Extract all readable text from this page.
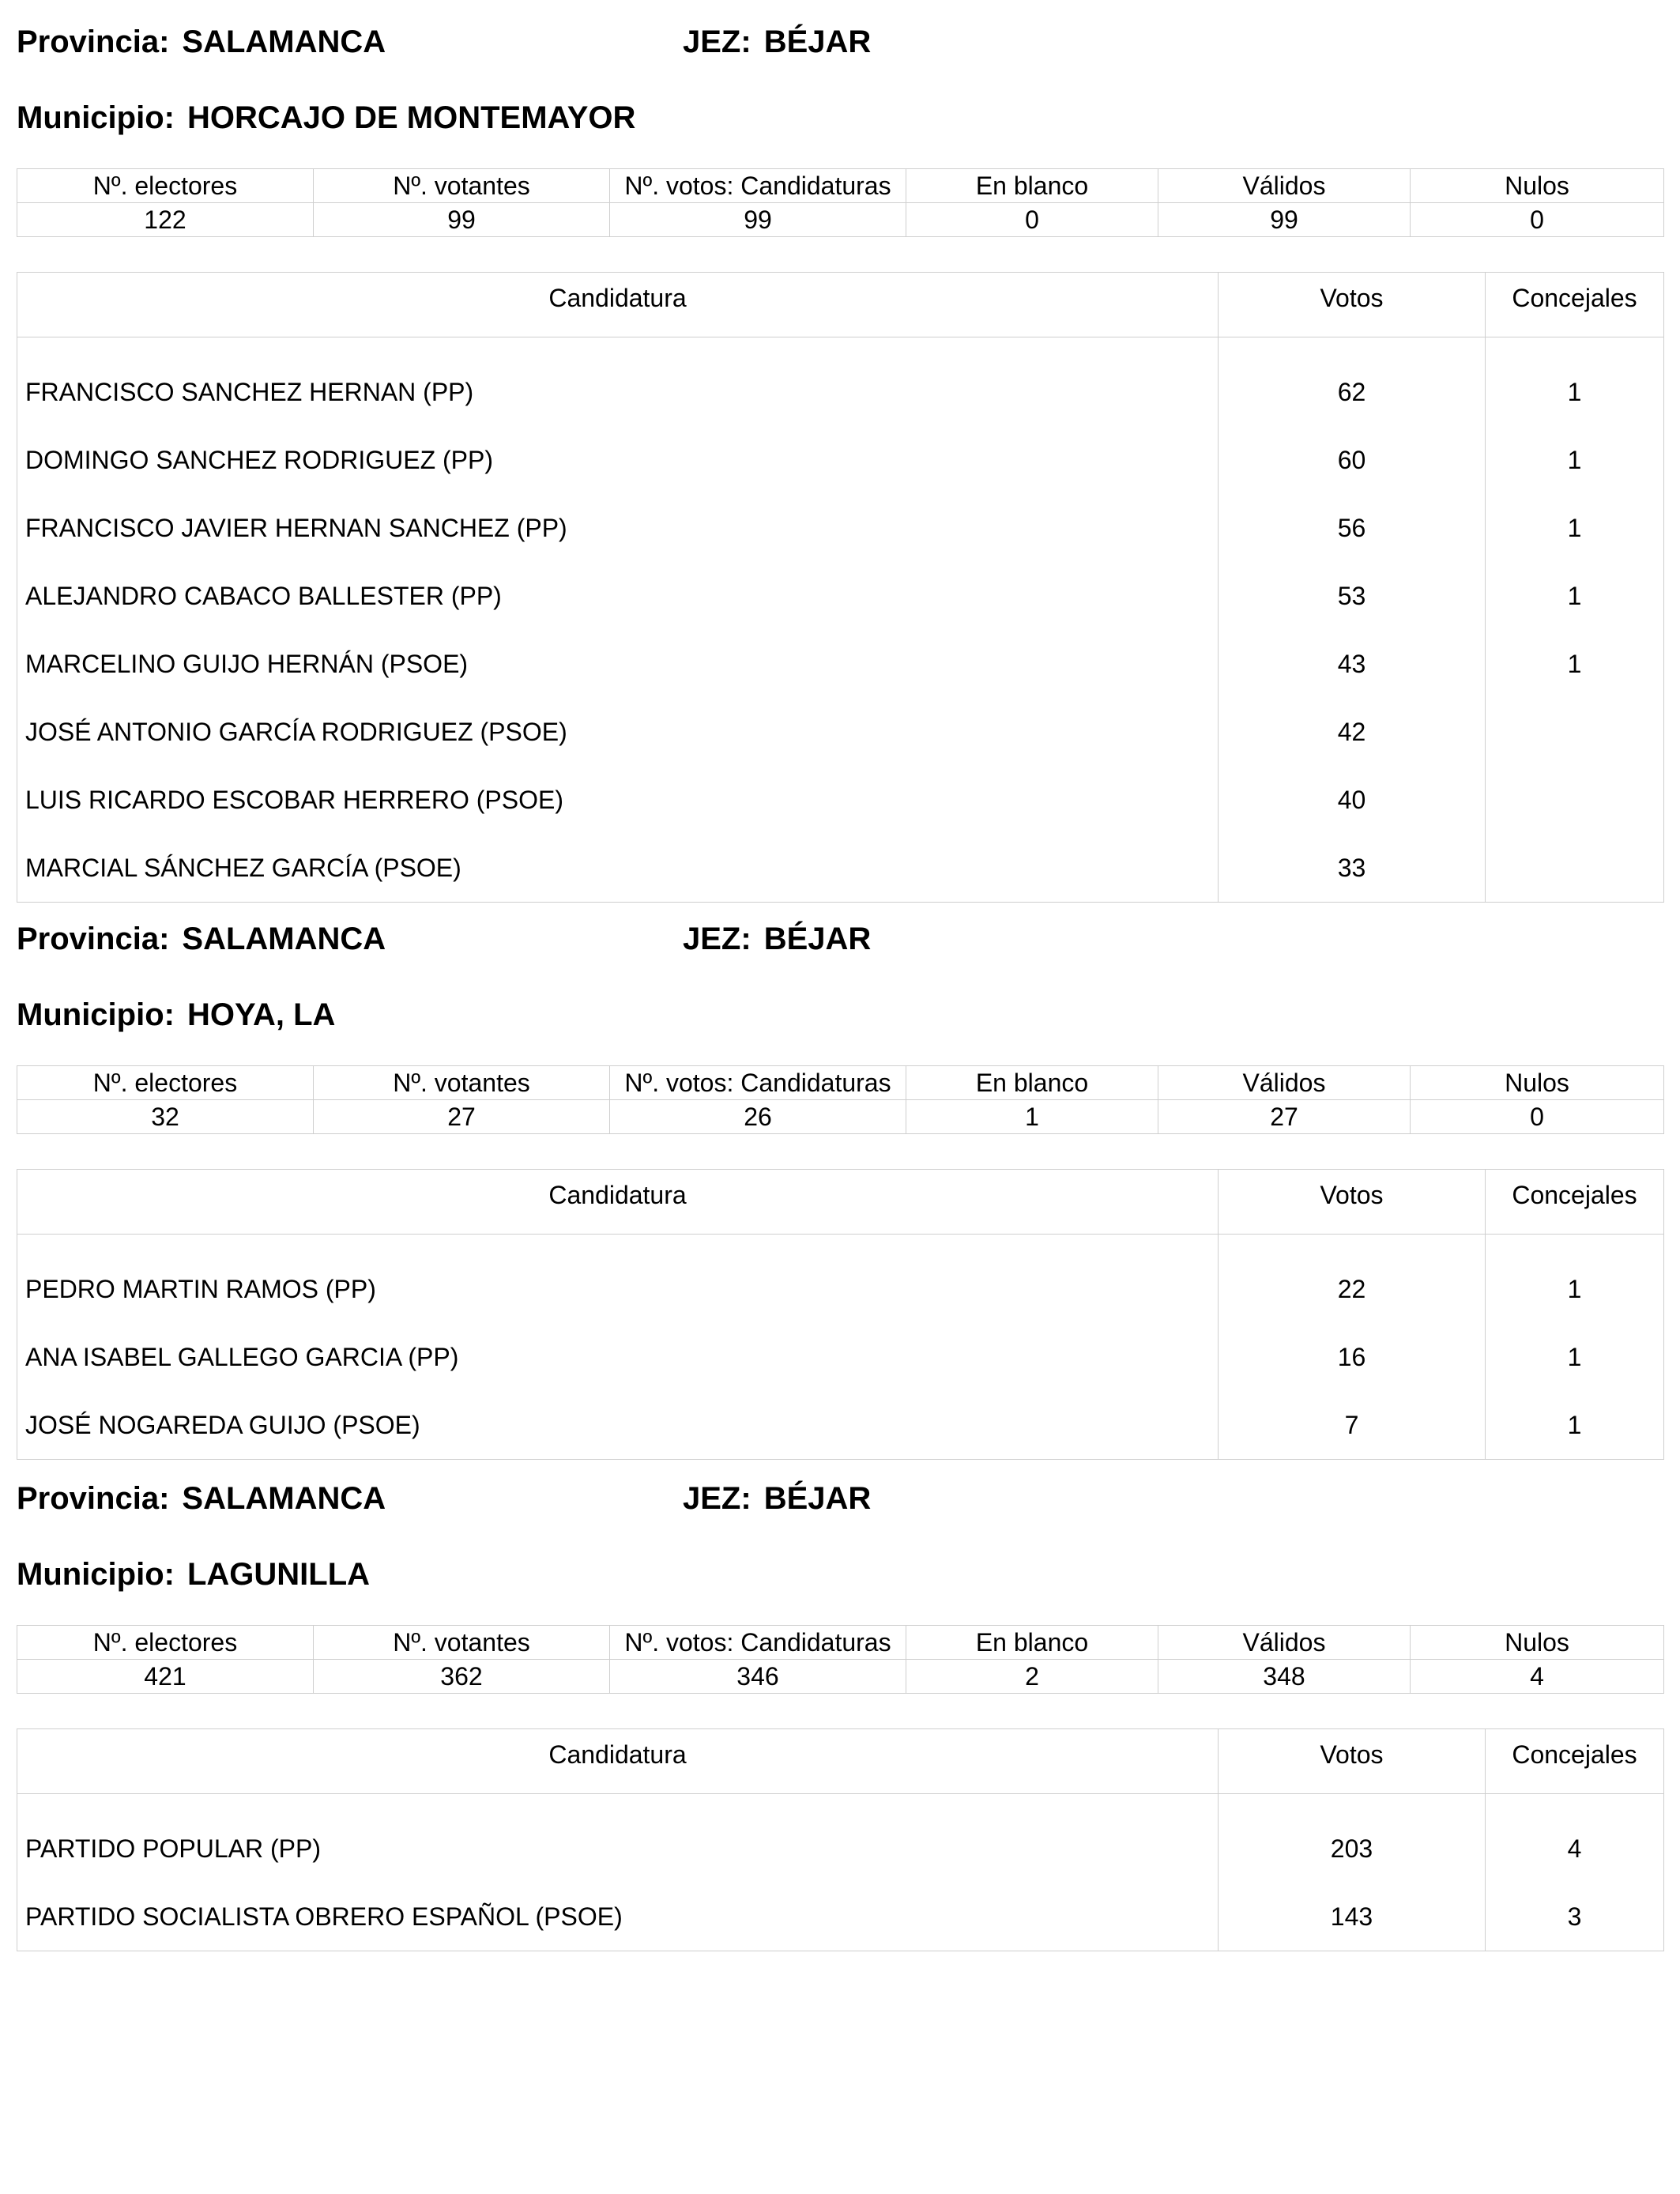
Provincia: SALAMANCA	JEZ: BÉJAR
Municipio: HORCAJO DE MONTEMAYOR
Nº. electores	Nº. votantes	Nº. votos: Candidaturas	En blanco	Válidos	Nulos
122	99	99	0	99	0
Candidatura	Votos	Concejales
FRANCISCO SANCHEZ HERNAN (PP)	62	1
DOMINGO SANCHEZ RODRIGUEZ (PP)	60	1
FRANCISCO JAVIER HERNAN SANCHEZ (PP)	56	1
ALEJANDRO CABACO BALLESTER (PP)	53	1
MARCELINO GUIJO HERNÁN (PSOE)	43	1
JOSÉ ANTONIO GARCÍA RODRIGUEZ (PSOE)	42	
LUIS RICARDO ESCOBAR HERRERO (PSOE)	40	
MARCIAL SÁNCHEZ GARCÍA (PSOE)	33	
Provincia: SALAMANCA	JEZ: BÉJAR
Municipio: HOYA, LA
Nº. electores	Nº. votantes	Nº. votos: Candidaturas	En blanco	Válidos	Nulos
32	27	26	1	27	0
Candidatura	Votos	Concejales
PEDRO MARTIN RAMOS (PP)	22	1
ANA ISABEL GALLEGO GARCIA (PP)	16	1
JOSÉ NOGAREDA GUIJO (PSOE)	7	1
Provincia: SALAMANCA	JEZ: BÉJAR
Municipio: LAGUNILLA
Nº. electores	Nº. votantes	Nº. votos: Candidaturas	En blanco	Válidos	Nulos
421	362	346	2	348	4
Candidatura	Votos	Concejales
PARTIDO POPULAR (PP)	203	4
PARTIDO SOCIALISTA OBRERO ESPAÑOL (PSOE)	143	3
